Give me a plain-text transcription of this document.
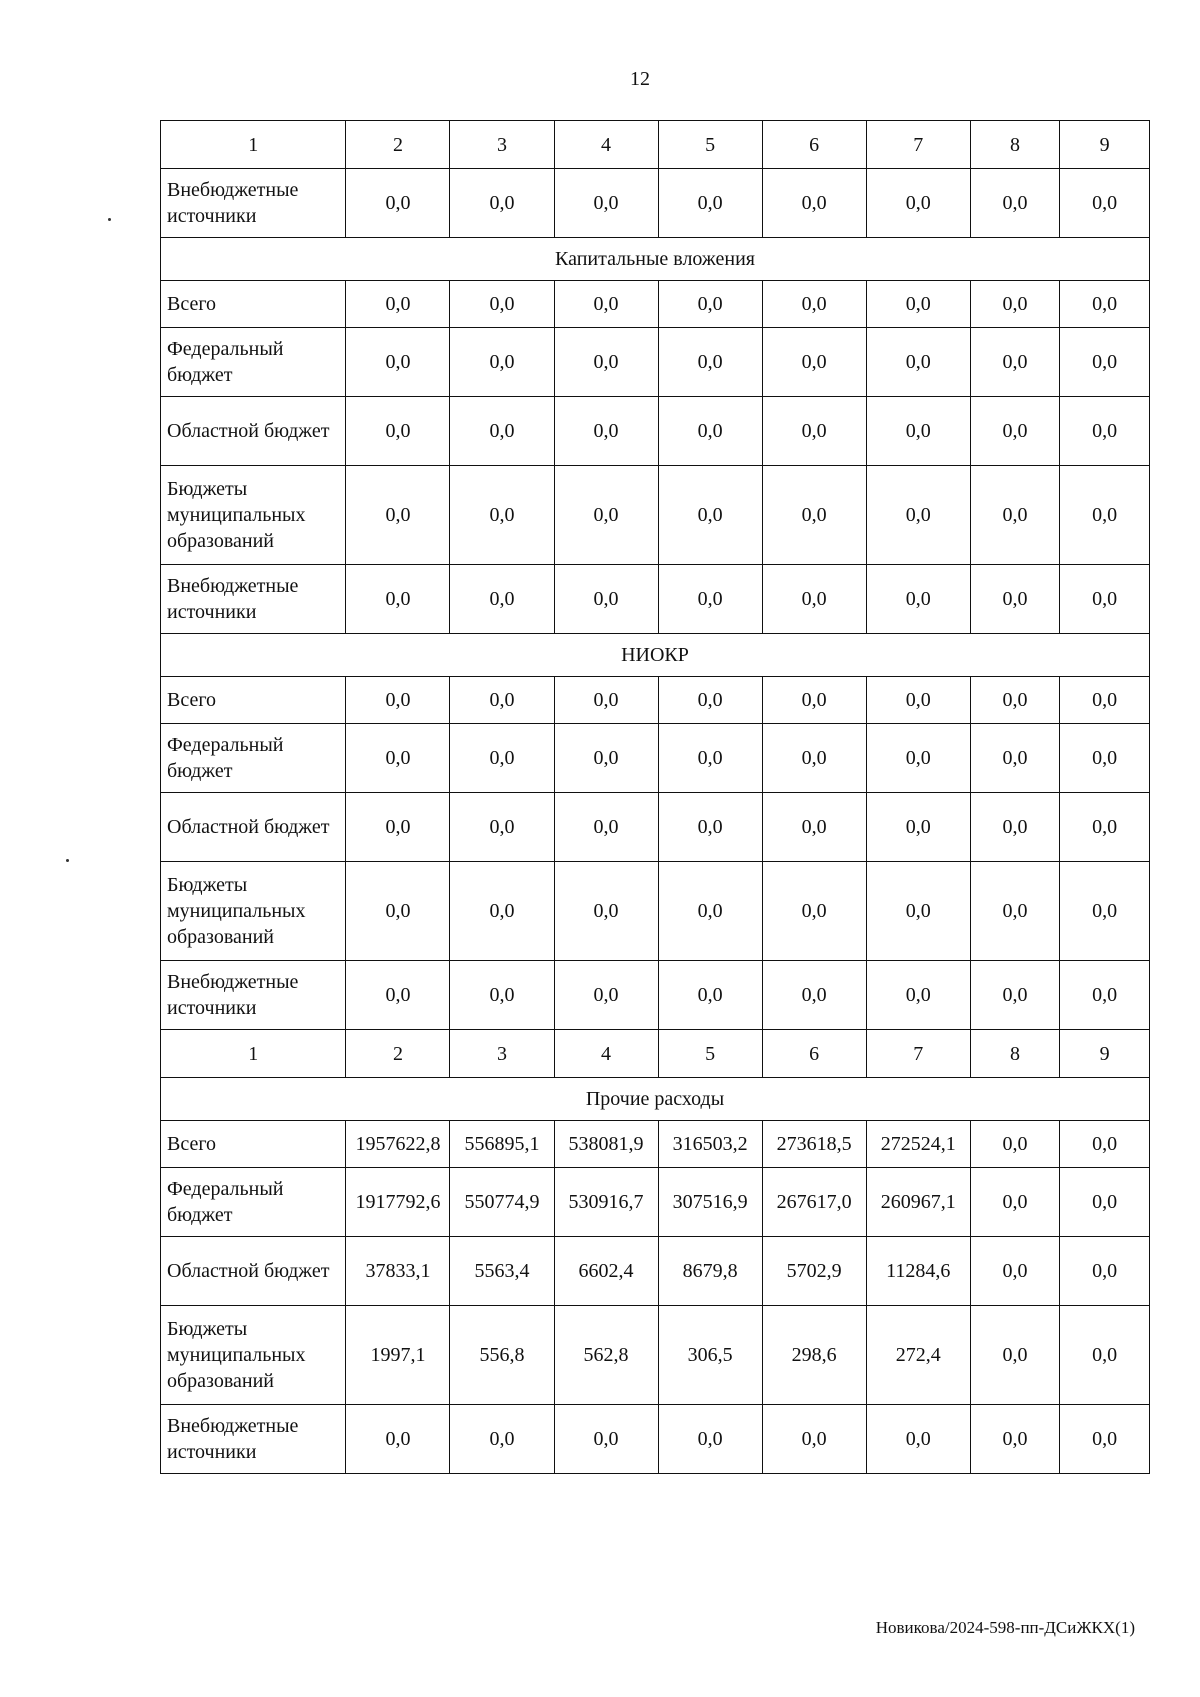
12
1	2	3	4	5	6	7	8	9
Внебюджетные источники	0,0	0,0	0,0	0,0	0,0	0,0	0,0	0,0
Капитальные вложения								
Всего	0,0	0,0	0,0	0,0	0,0	0,0	0,0	0,0
Федеральный бюджет	0,0	0,0	0,0	0,0	0,0	0,0	0,0	0,0
Областной бюджет	0,0	0,0	0,0	0,0	0,0	0,0	0,0	0,0
Бюджеты муниципальных образований	0,0	0,0	0,0	0,0	0,0	0,0	0,0	0,0
Внебюджетные источники	0,0	0,0	0,0	0,0	0,0	0,0	0,0	0,0
НИОКР								
Всего	0,0	0,0	0,0	0,0	0,0	0,0	0,0	0,0
Федеральный бюджет	0,0	0,0	0,0	0,0	0,0	0,0	0,0	0,0
Областной бюджет	0,0	0,0	0,0	0,0	0,0	0,0	0,0	0,0
Бюджеты муниципальных образований	0,0	0,0	0,0	0,0	0,0	0,0	0,0	0,0
Внебюджетные источники	0,0	0,0	0,0	0,0	0,0	0,0	0,0	0,0
1	2	3	4	5	6	7	8	9
Прочие расходы								
Всего	1957622,8	556895,1	538081,9	316503,2	273618,5	272524,1	0,0	0,0
Федеральный бюджет	1917792,6	550774,9	530916,7	307516,9	267617,0	260967,1	0,0	0,0
Областной бюджет	37833,1	5563,4	6602,4	8679,8	5702,9	11284,6	0,0	0,0
Бюджеты муниципальных образований	1997,1	556,8	562,8	306,5	298,6	272,4	0,0	0,0
Внебюджетные источники	0,0	0,0	0,0	0,0	0,0	0,0	0,0	0,0
Новикова/2024-598-пп-ДСиЖКХ(1)
